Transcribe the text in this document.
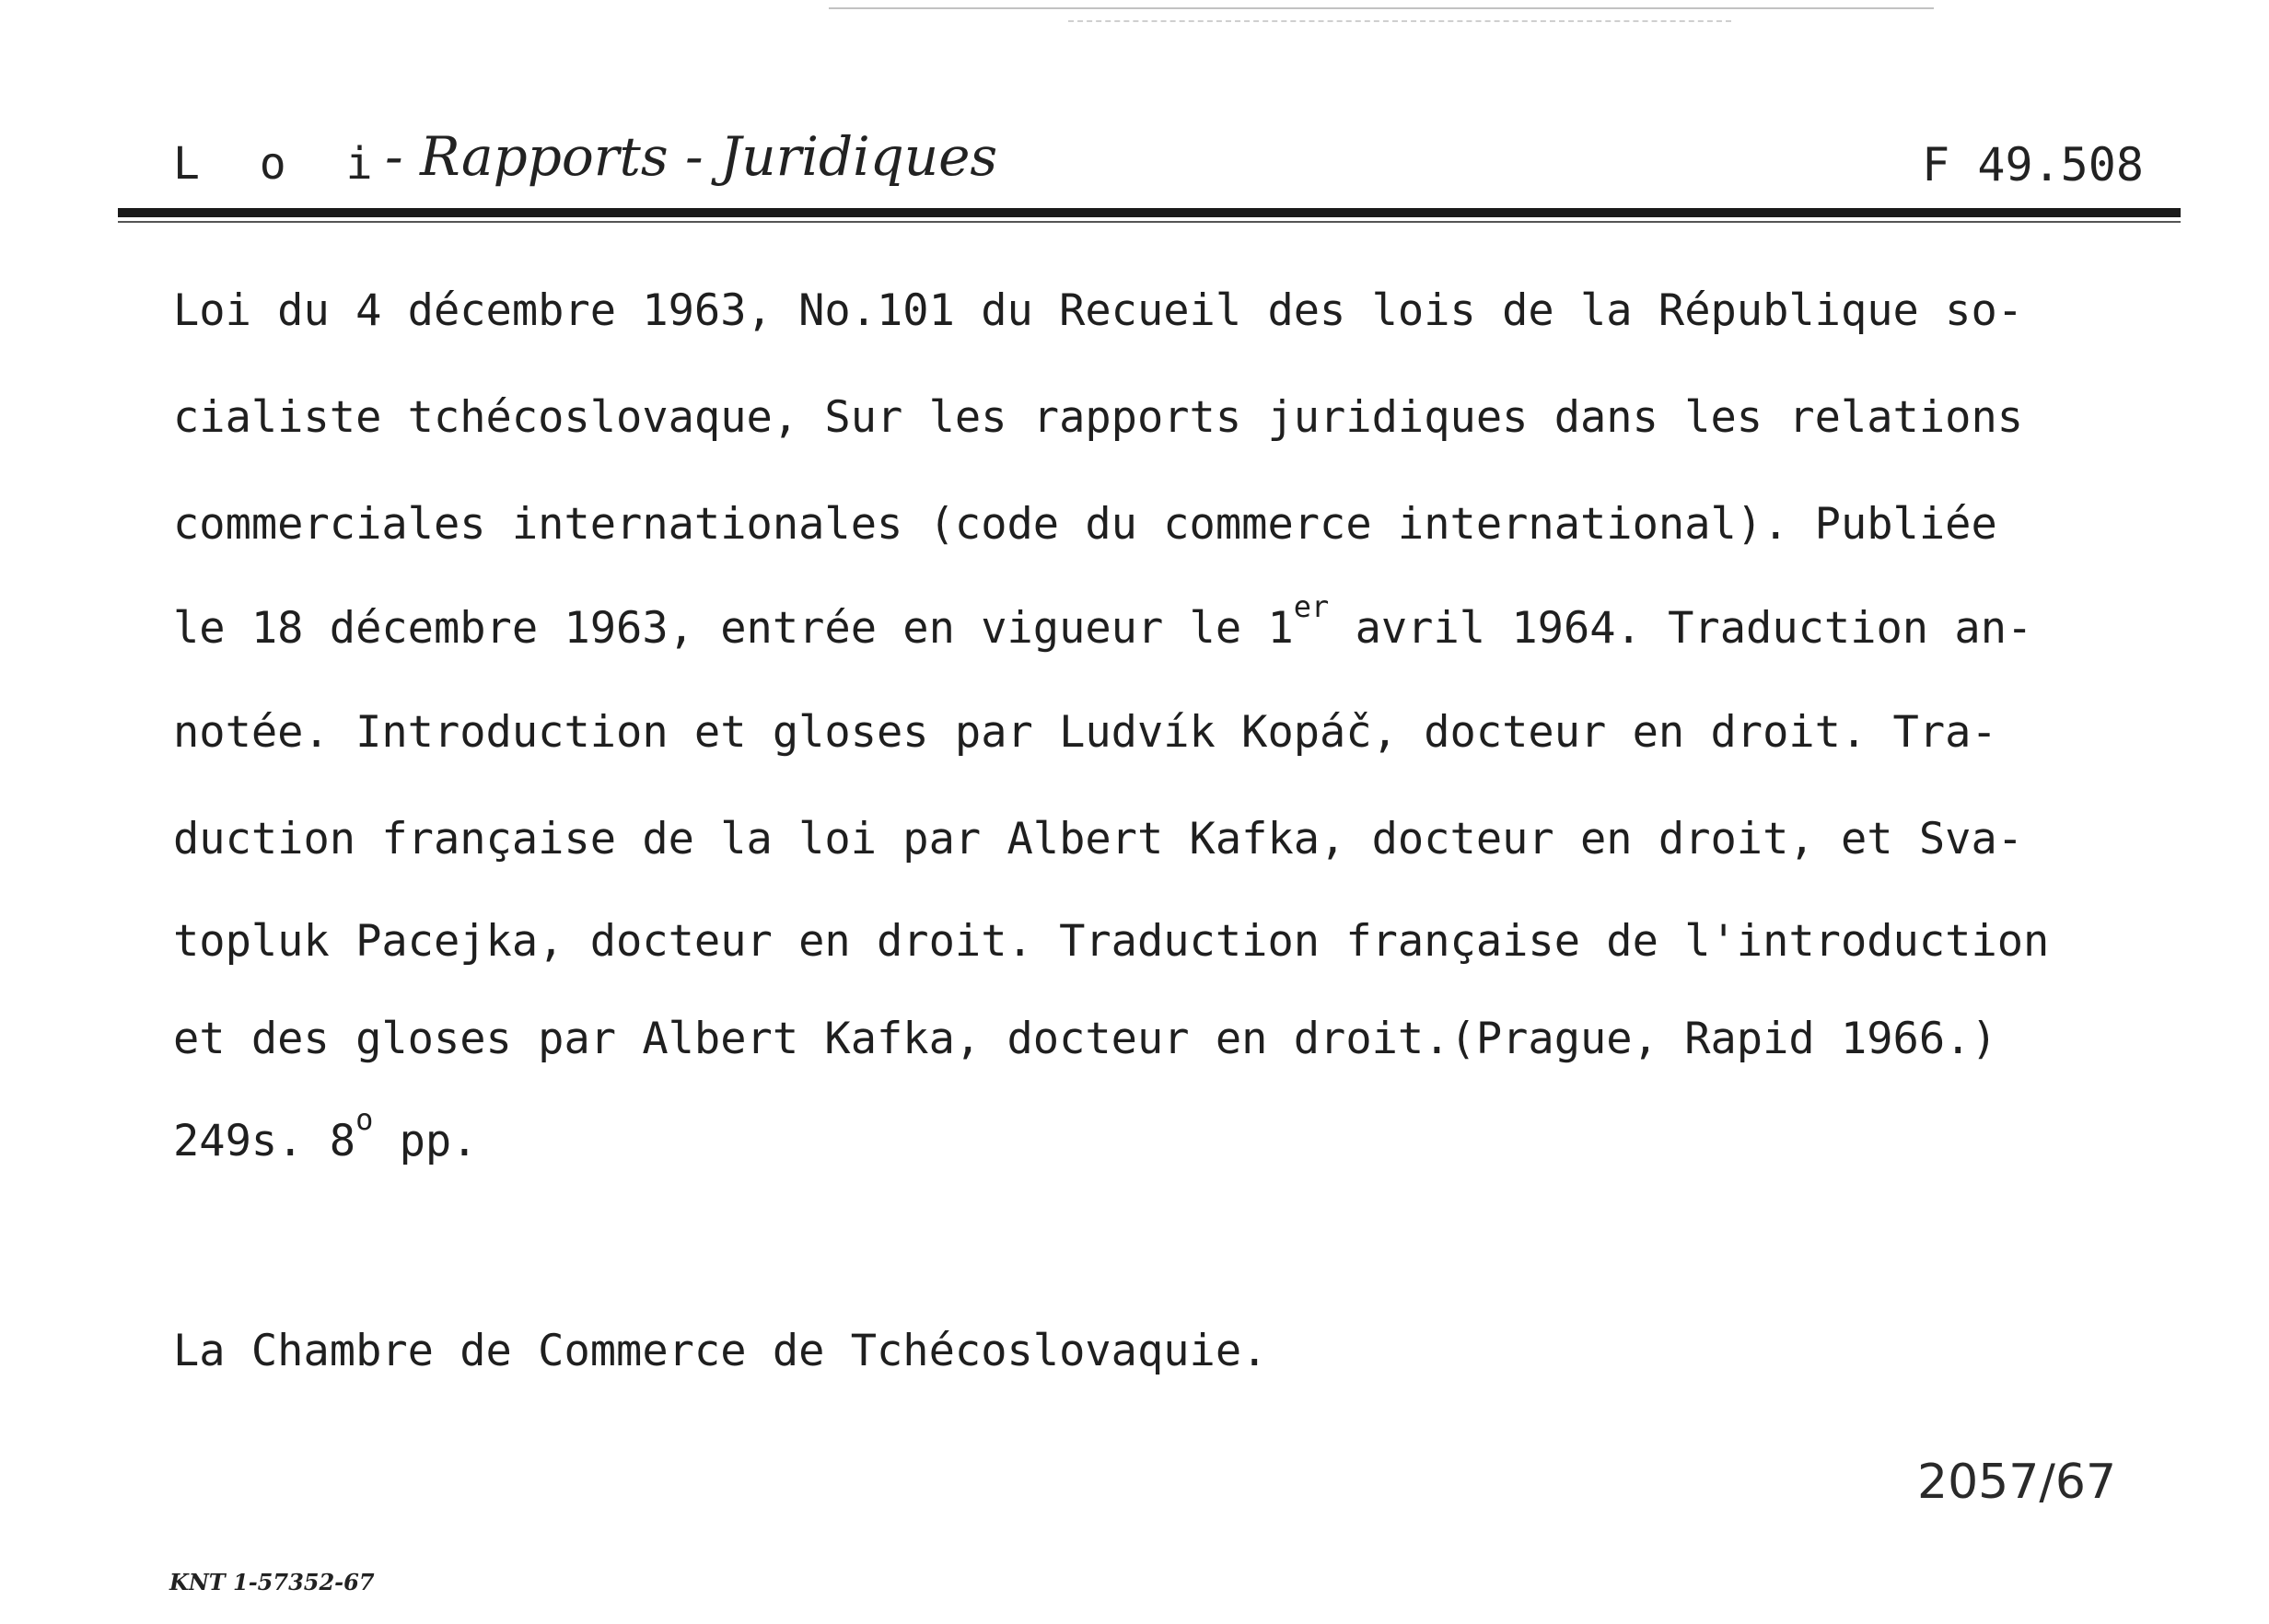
L o i
- Rapports - Juridiques	F 49.508
Loi du 4 décembre 1963, No.101 du Recueil des lois de la République so-
cialiste tchécoslovaque, Sur les rapports juridiques dans les relations
commerciales internationales (code du commerce international). Publiée
le 18 décembre 1963, entrée en vigueur le 1er avril 1964. Traduction an-
notée. Introduction et gloses par Ludvík Kopáč, docteur en droit. Tra-
duction française de la loi par Albert Kafka, docteur en droit, et Sva-
topluk Pacejka, docteur en droit. Traduction française de l'introduction
et des gloses par Albert Kafka, docteur en droit.(Prague, Rapid 1966.)
249s. 8$^o$ pp.
La Chambre de Commerce de Tchécoslovaquie.
2057/67
KNT 1-57352-67
